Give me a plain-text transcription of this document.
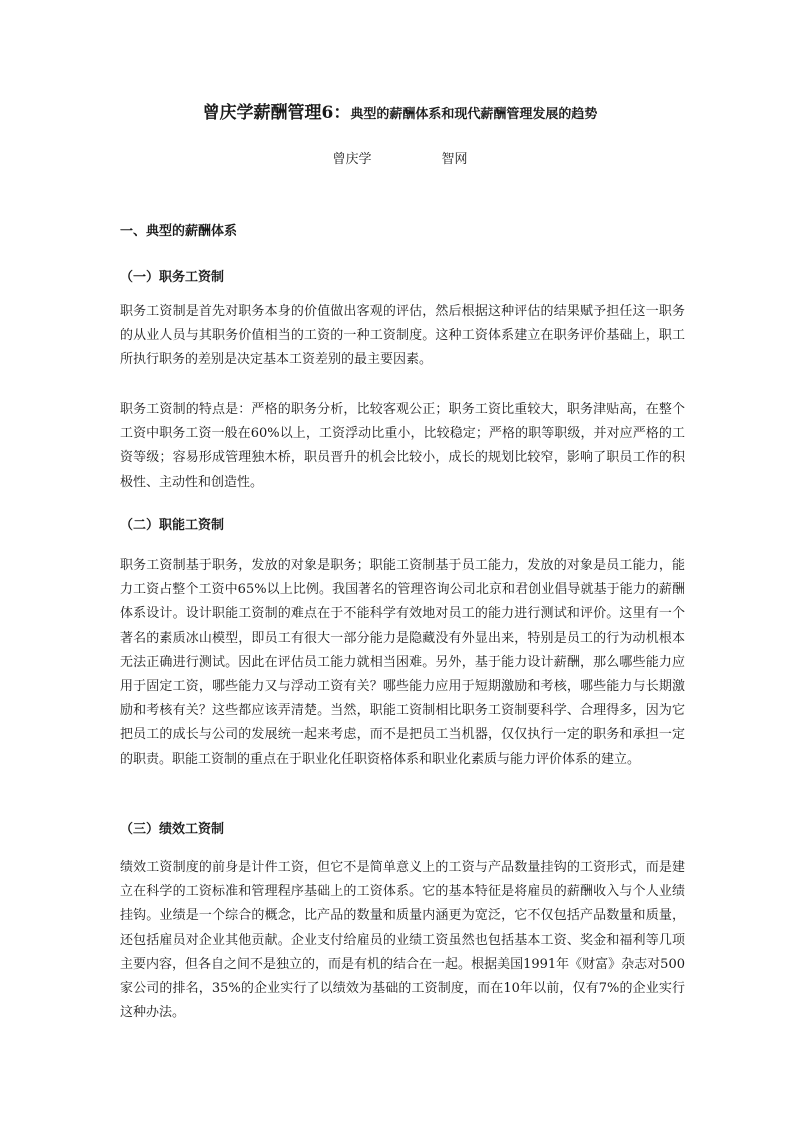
曾庆学薪酬管理6：典型的薪酬体系和现代薪酬管理发展的趋势
曾庆学	智网
一、典型的薪酬体系
（一）职务工资制
职务工资制是首先对职务本身的价值做出客观的评估，然后根据这种评估的结果赋予担任这一职务的从业人员与其职务价值相当的工资的一种工资制度。这种工资体系建立在职务评价基础上，职工所执行职务的差别是决定基本工资差别的最主要因素。
职务工资制的特点是：严格的职务分析，比较客观公正；职务工资比重较大，职务津贴高，在整个工资中职务工资一般在60%以上，工资浮动比重小，比较稳定；严格的职等职级，并对应严格的工资等级；容易形成管理独木桥，职员晋升的机会比较小，成长的规划比较窄，影响了职员工作的积极性、主动性和创造性。
（二）职能工资制
职务工资制基于职务，发放的对象是职务；职能工资制基于员工能力，发放的对象是员工能力，能力工资占整个工资中65%以上比例。我国著名的管理咨询公司北京和君创业倡导就基于能力的薪酬体系设计。设计职能工资制的难点在于不能科学有效地对员工的能力进行测试和评价。这里有一个著名的素质冰山模型，即员工有很大一部分能力是隐藏没有外显出来，特别是员工的行为动机根本无法正确进行测试。因此在评估员工能力就相当困难。另外，基于能力设计薪酬，那么哪些能力应用于固定工资，哪些能力又与浮动工资有关？哪些能力应用于短期激励和考核，哪些能力与长期激励和考核有关？这些都应该弄清楚。当然，职能工资制相比职务工资制要科学、合理得多，因为它把员工的成长与公司的发展统一起来考虑，而不是把员工当机器，仅仅执行一定的职务和承担一定的职责。职能工资制的重点在于职业化任职资格体系和职业化素质与能力评价体系的建立。
（三）绩效工资制
绩效工资制度的前身是计件工资，但它不是简单意义上的工资与产品数量挂钩的工资形式，而是建立在科学的工资标准和管理程序基础上的工资体系。它的基本特征是将雇员的薪酬收入与个人业绩挂钩。业绩是一个综合的概念，比产品的数量和质量内涵更为宽泛，它不仅包括产品数量和质量，还包括雇员对企业其他贡献。企业支付给雇员的业绩工资虽然也包括基本工资、奖金和福利等几项主要内容，但各自之间不是独立的，而是有机的结合在一起。根据美国1991年《财富》杂志对500家公司的排名，35%的企业实行了以绩效为基础的工资制度，而在10年以前，仅有7%的企业实行这种办法。
